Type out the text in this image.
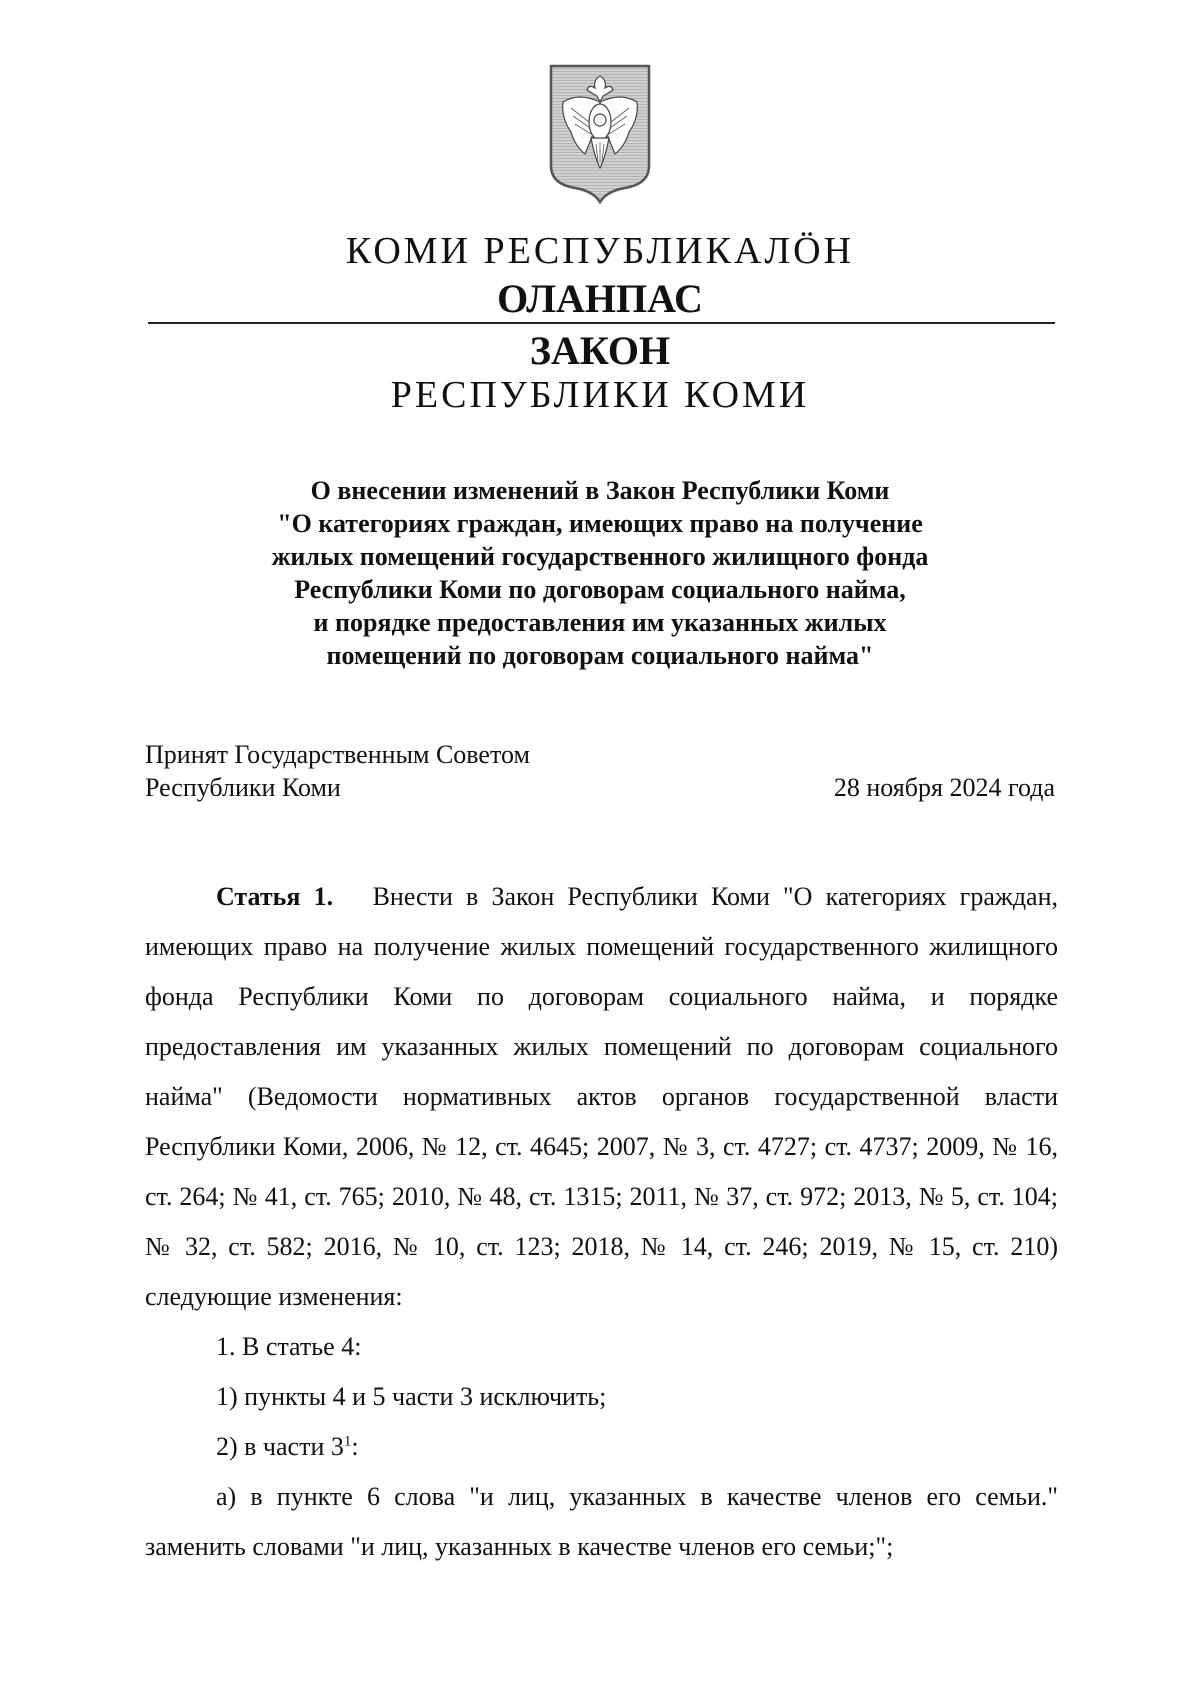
КОМИ РЕСПУБЛИКАЛÖН
ОЛАНПАС
ЗАКОН
РЕСПУБЛИКИ КОМИ
О внесении изменений в Закон Республики Коми
"О категориях граждан, имеющих право на получение
жилых помещений государственного жилищного фонда
Республики Коми по договорам социального найма,
и порядке предоставления им указанных жилых
помещений по договорам социального найма"
Принят Государственным Советом
Республики Коми	28 ноября 2024 года

Статья 1. Внести в Закон Республики Коми "О категориях граждан, имеющих право на получение жилых помещений государственного жилищного фонда Республики Коми по договорам социального найма, и порядке предоставления им указанных жилых помещений по договорам социального найма" (Ведомости нормативных актов органов государственной власти Республики Коми, 2006, № 12, ст. 4645; 2007, № 3, ст. 4727; ст. 4737; 2009, № 16, ст. 264; № 41, ст. 765; 2010, № 48, ст. 1315; 2011, № 37, ст. 972; 2013, № 5, ст. 104; № 32, ст. 582; 2016, № 10, ст. 123; 2018, № 14, ст. 246; 2019, № 15, ст. 210) следующие изменения:

1. В статье 4:

1) пункты 4 и 5 части 3 исключить;

2) в части $3^1$:

а) в пункте 6 слова "и лиц, указанных в качестве членов его семьи." заменить словами "и лиц, указанных в качестве членов его семьи;";
